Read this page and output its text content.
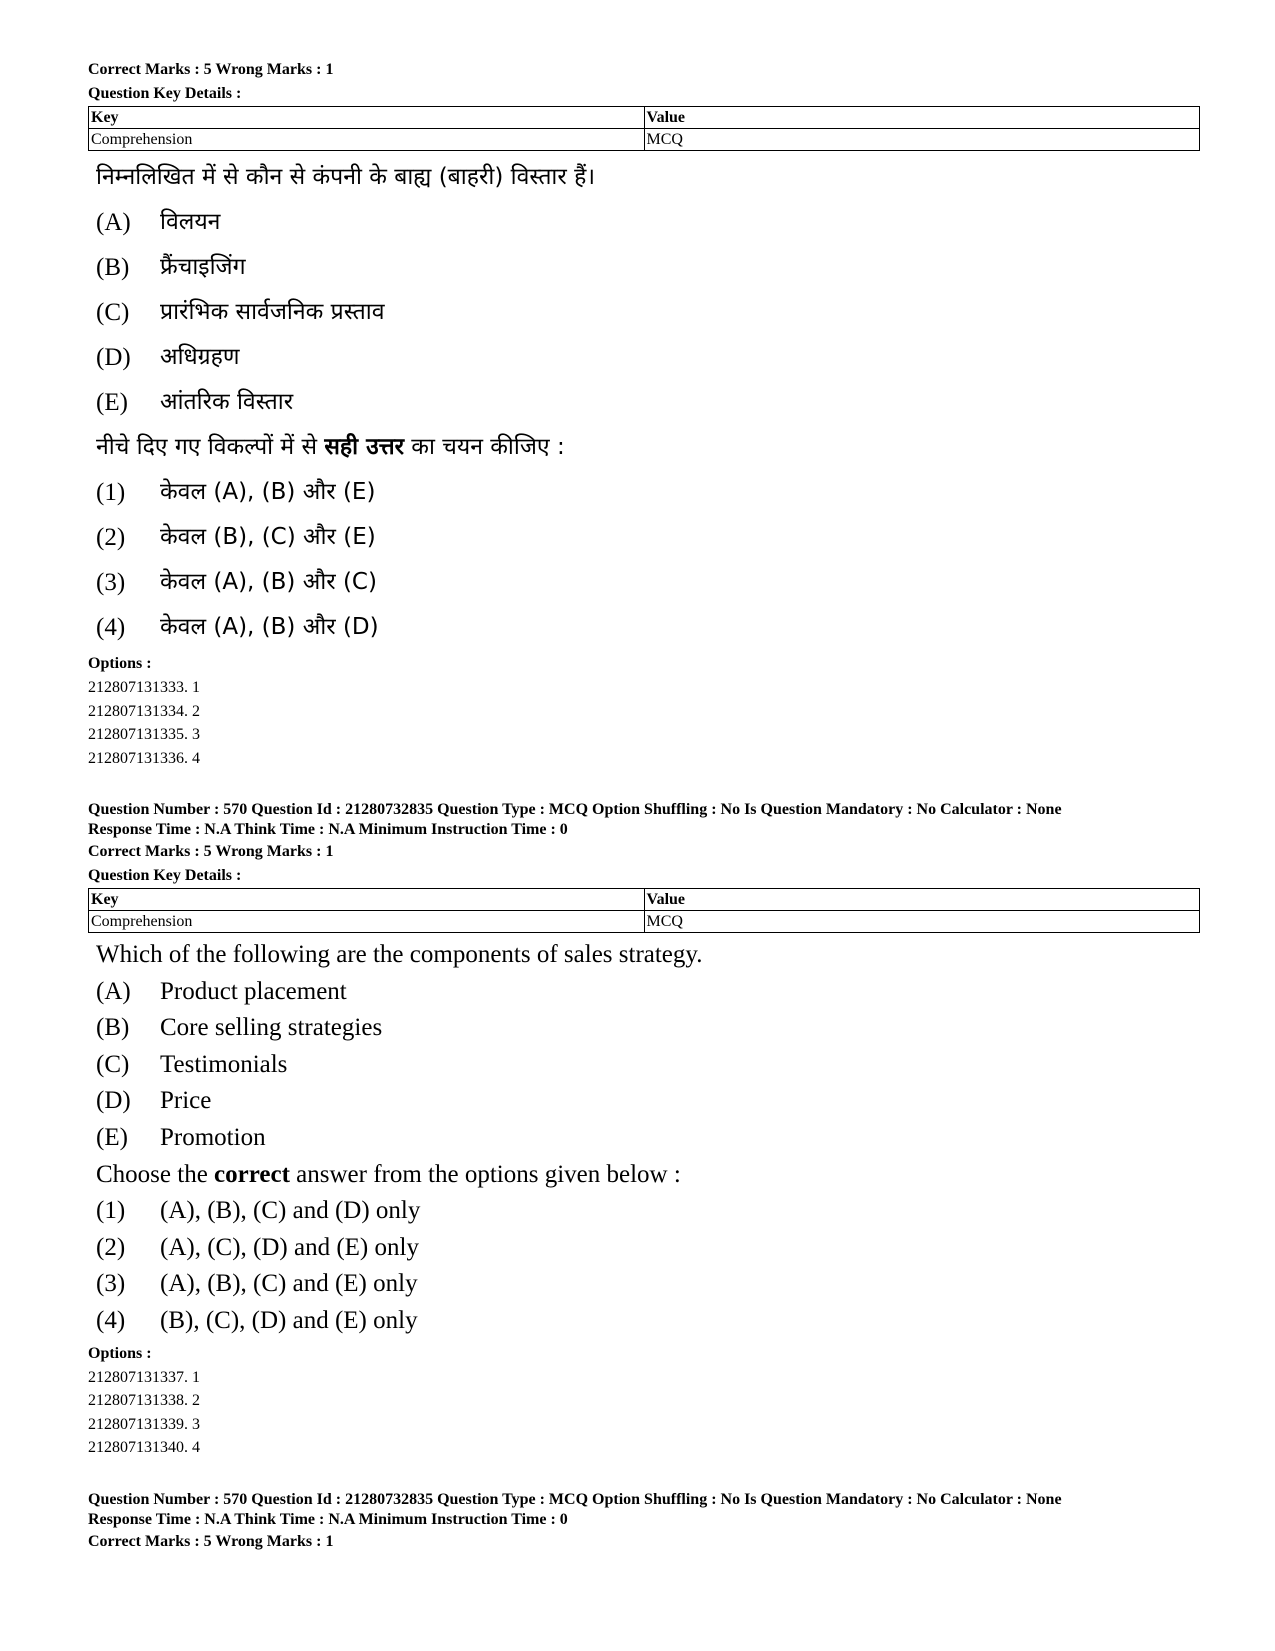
Correct Marks : 5 Wrong Marks : 1
Question Key Details :
Key	Value
Comprehension	MCQ
निम्नलिखित में से कौन से कंपनी के बाह्य (बाहरी) विस्तार हैं।
(A)	विलयन
(B)	फ्रैंचाइजिंग
(C)	प्रारंभिक सार्वजनिक प्रस्ताव
(D)	अधिग्रहण
(E)	आंतरिक विस्तार
नीचे दिए गए विकल्पों में से सही उत्तर का चयन कीजिए :
(1)	केवल (A), (B) और (E)
(2)	केवल (B), (C) और (E)
(3)	केवल (A), (B) और (C)
(4)	केवल (A), (B) और (D)
Options :
212807131333. 1
212807131334. 2
212807131335. 3
212807131336. 4
Question Number : 570 Question Id : 21280732835 Question Type : MCQ Option Shuffling : No Is Question Mandatory : No Calculator : None
Response Time : N.A Think Time : N.A Minimum Instruction Time : 0
Correct Marks : 5 Wrong Marks : 1
Question Key Details :
Key	Value
Comprehension	MCQ
Which of the following are the components of sales strategy.
(A)	Product placement
(B)	Core selling strategies
(C)	Testimonials
(D)	Price
(E)	Promotion
Choose the correct answer from the options given below :
(1)	(A), (B), (C) and (D) only
(2)	(A), (C), (D) and (E) only
(3)	(A), (B), (C) and (E) only
(4)	(B), (C), (D) and (E) only
Options :
212807131337. 1
212807131338. 2
212807131339. 3
212807131340. 4
Question Number : 570 Question Id : 21280732835 Question Type : MCQ Option Shuffling : No Is Question Mandatory : No Calculator : None
Response Time : N.A Think Time : N.A Minimum Instruction Time : 0
Correct Marks : 5 Wrong Marks : 1
